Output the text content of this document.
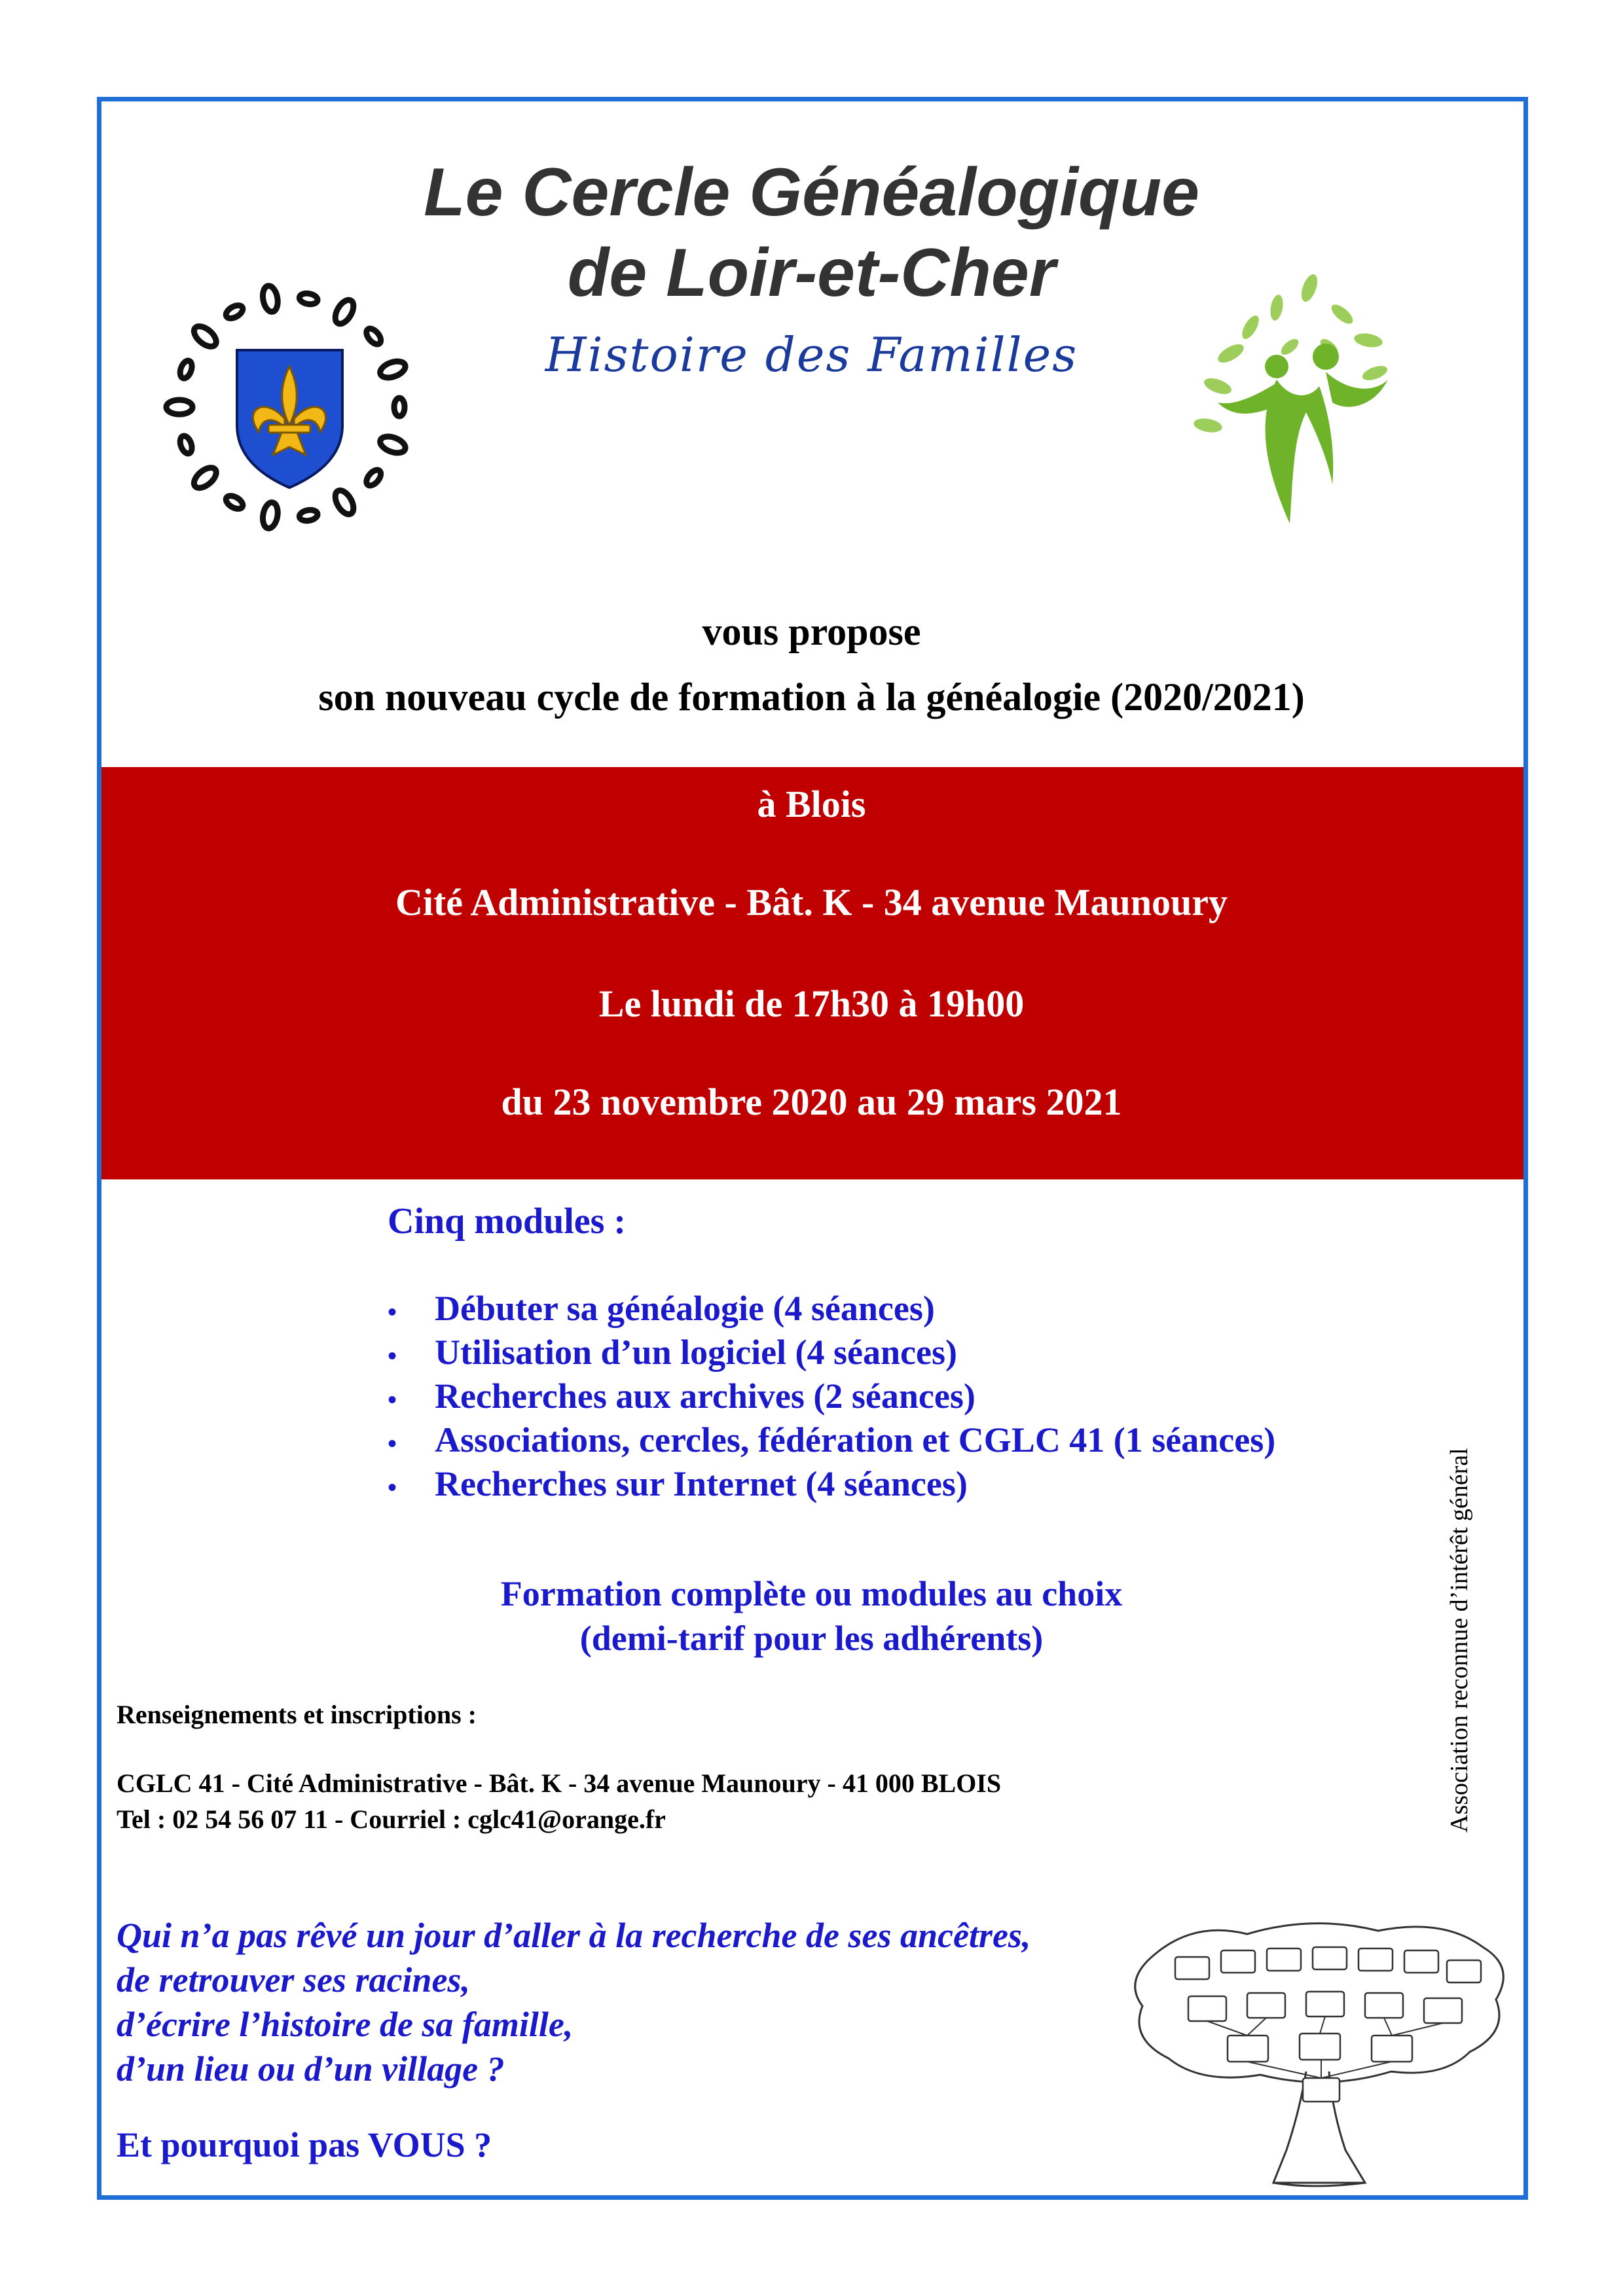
Le Cercle Généalogique
de Loir-et-Cher
Histoire des Familles
vous propose
son nouveau cycle de formation à la généalogie (2020/2021)
à Blois
Cité Administrative - Bât. K - 34 avenue Maunoury
Le lundi de 17h30 à 19h00
du 23 novembre 2020 au 29 mars 2021
Cinq modules :
• Débuter sa généalogie (4 séances)
• Utilisation d’un logiciel (4 séances)
• Recherches aux archives (2 séances)
• Associations, cercles, fédération et CGLC 41 (1 séances)
• Recherches sur Internet (4 séances)
Formation complète ou modules au choix
(demi-tarif pour les adhérents)
Renseignements et inscriptions :
CGLC 41 - Cité Administrative - Bât. K - 34 avenue Maunoury - 41 000 BLOIS
Tel : 02 54 56 07 11 - Courriel : cglc41@orange.fr	Association reconnue d’intérêt général
Qui n’a pas rêvé un jour d’aller à la recherche de ses ancêtres,
de retrouver ses racines,
d’écrire l’histoire de sa famille,
d’un lieu ou d’un village ?
Et pourquoi pas VOUS ?
